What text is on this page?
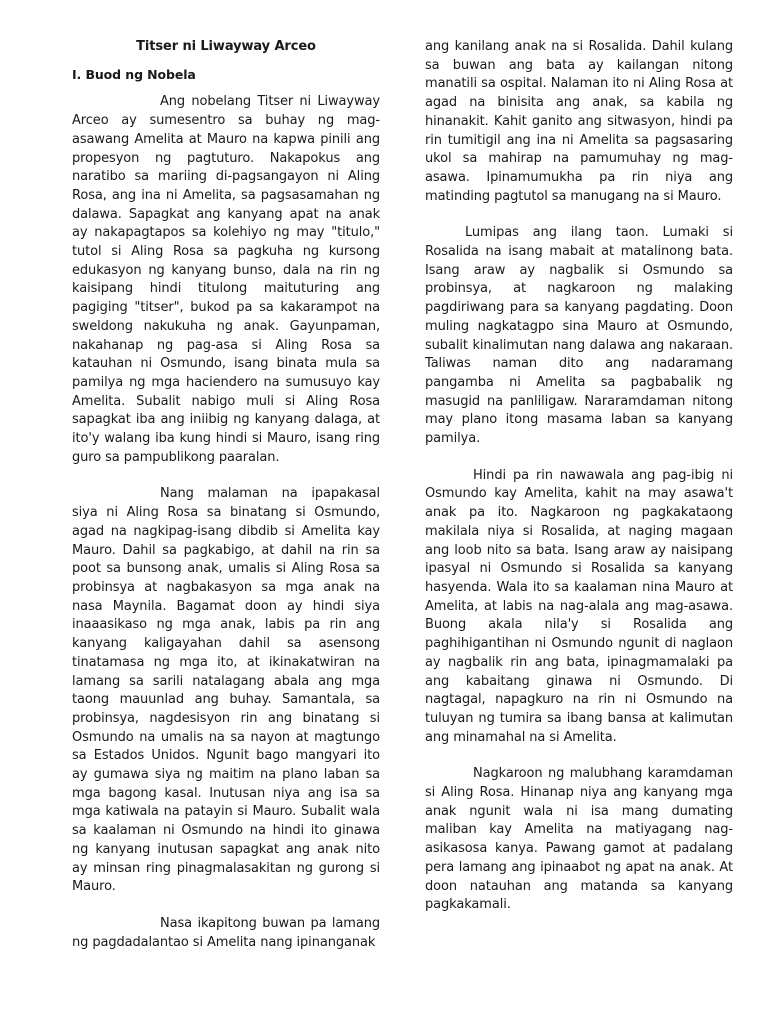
Titser ni Liwayway Arceo
I. Buod ng Nobela

Ang nobelang Titser ni Liwayway Arceo ay sumesentro sa buhay ng mag-asawang Amelita at Mauro na kapwa pinili ang propesyon ng pagtuturo. Nakapokus ang naratibo sa mariing di-pagsangayon ni Aling Rosa, ang ina ni Amelita, sa pagsasamahan ng dalawa. Sapagkat ang kanyang apat na anak ay nakapagtapos sa kolehiyo ng may "titulo," tutol si Aling Rosa sa pagkuha ng kursong edukasyon ng kanyang bunso, dala na rin ng kaisipang hindi titulong maituturing ang pagiging "titser", bukod pa sa kakarampot na sweldong nakukuha ng anak. Gayunpaman, nakahanap ng pag-asa si Aling Rosa sa katauhan ni Osmundo, isang binata mula sa pamilya ng mga haciendero na sumusuyo kay Amelita. Subalit nabigo muli si Aling Rosa sapagkat iba ang iniibig ng kanyang dalaga, at ito'y walang iba kung hindi si Mauro, isang ring guro sa pampublikong paaralan.

Nang malaman na ipapakasal siya ni Aling Rosa sa binatang si Osmundo, agad na nagkipag-isang dibdib si Amelita kay Mauro. Dahil sa pagkabigo, at dahil na rin sa poot sa bunsong anak, umalis si Aling Rosa sa probinsya at nagbakasyon sa mga anak na nasa Maynila. Bagamat doon ay hindi siya inaaasikaso ng mga anak, labis pa rin ang kanyang kaligayahan dahil sa asensong tinatamasa ng mga ito, at ikinakatwiran na lamang sa sarili natalagang abala ang mga taong mauunlad ang buhay. Samantala, sa probinsya, nagdesisyon rin ang binatang si Osmundo na umalis na sa nayon at magtungo sa Estados Unidos. Ngunit bago mangyari ito ay gumawa siya ng maitim na plano laban sa mga bagong kasal. Inutusan niya ang isa sa mga katiwala na patayin si Mauro. Subalit wala sa kaalaman ni Osmundo na hindi ito ginawa ng kanyang inutusan sapagkat ang anak nito ay minsan ring pinagmalasakitan ng gurong si Mauro.

Nasa ikapitong buwan pa lamang ng pagdadalantao si Amelita nang ipinanganak

ang kanilang anak na si Rosalida. Dahil kulang sa buwan ang bata ay kailangan nitong manatili sa ospital. Nalaman ito ni Aling Rosa at agad na binisita ang anak, sa kabila ng hinanakit. Kahit ganito ang sitwasyon, hindi pa rin tumitigil ang ina ni Amelita sa pagsasaring ukol sa mahirap na pamumuhay ng mag-asawa. Ipinamumukha pa rin niya ang matinding pagtutol sa manugang na si Mauro.

Lumipas ang ilang taon. Lumaki si Rosalida na isang mabait at matalinong bata. Isang araw ay nagbalik si Osmundo sa probinsya, at nagkaroon ng malaking pagdiriwang para sa kanyang pagdating. Doon muling nagkatagpo sina Mauro at Osmundo, subalit kinalimutan nang dalawa ang nakaraan. Taliwas naman dito ang nadaramang pangamba ni Amelita sa pagbabalik ng masugid na panliligaw. Nararamdaman nitong may plano itong masama laban sa kanyang pamilya.

Hindi pa rin nawawala ang pag-ibig ni Osmundo kay Amelita, kahit na may asawa't anak pa ito. Nagkaroon ng pagkakataong makilala niya si Rosalida, at naging magaan ang loob nito sa bata. Isang araw ay naisipang ipasyal ni Osmundo si Rosalida sa kanyang hasyenda. Wala ito sa kaalaman nina Mauro at Amelita, at labis na nag-alala ang mag-asawa. Buong akala nila'y si Rosalida ang paghihigantihan ni Osmundo ngunit di naglaon ay nagbalik rin ang bata, ipinagmamalaki pa ang kabaitang ginawa ni Osmundo. Di nagtagal, napagkuro na rin ni Osmundo na tuluyan ng tumira sa ibang bansa at kalimutan ang minamahal na si Amelita.

Nagkaroon ng malubhang karamdaman si Aling Rosa. Hinanap niya ang kanyang mga anak ngunit wala ni isa mang dumating maliban kay Amelita na matiyagang nag-asikasosa kanya. Pawang gamot at padalang pera lamang ang ipinaabot ng apat na anak. At doon natauhan ang matanda sa kanyang pagkakamali.
